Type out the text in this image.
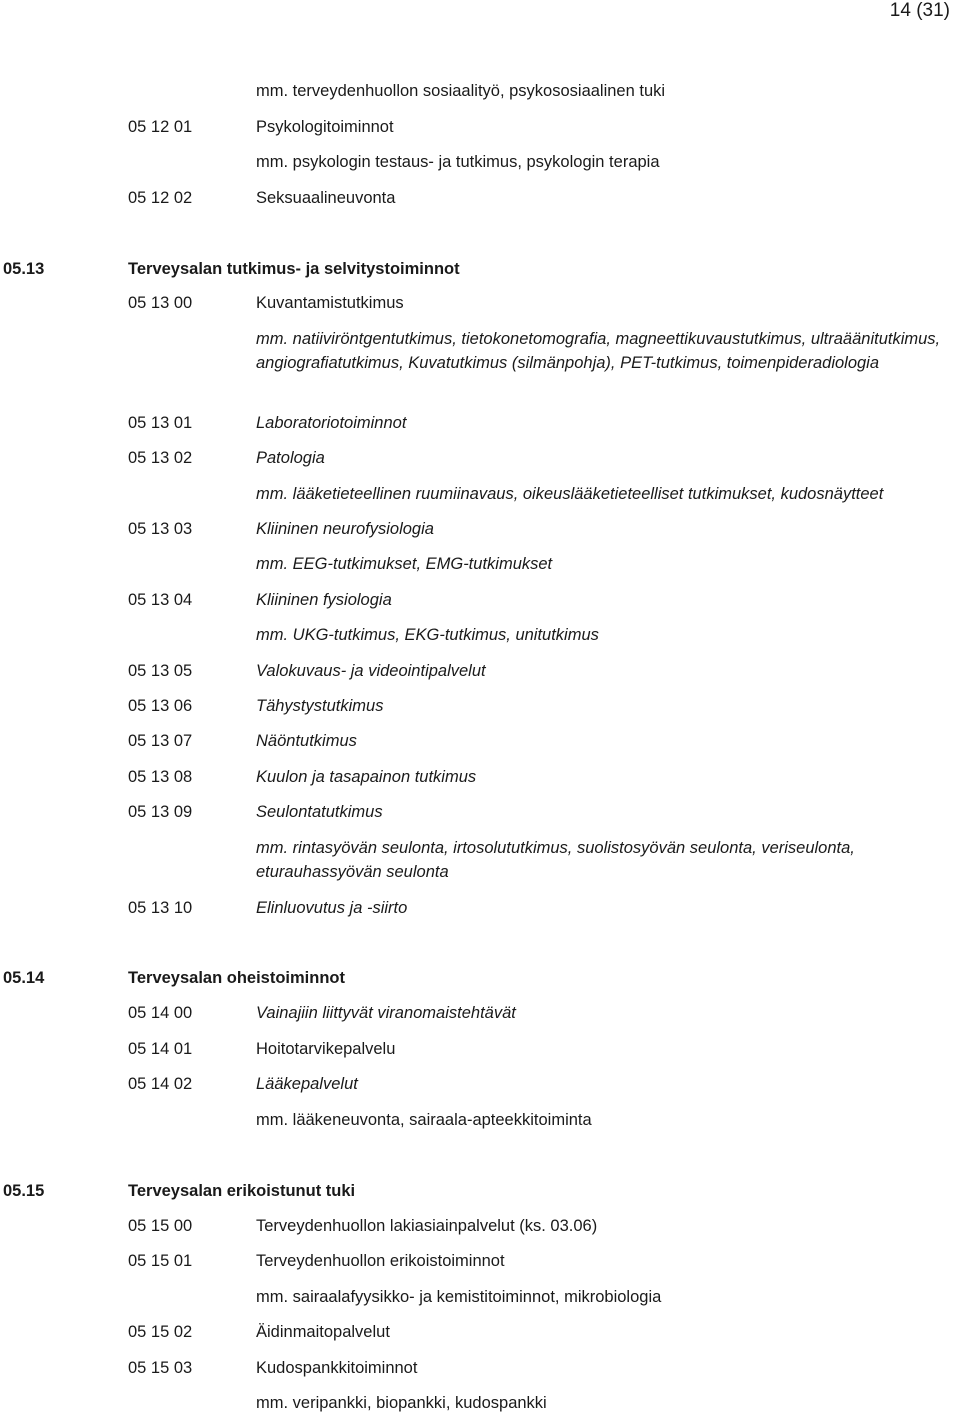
14 (31)
mm. terveydenhuollon sosiaalityö, psykososiaalinen tuki
05 12 01	Psykologitoiminnot
mm. psykologin testaus- ja tutkimus, psykologin terapia
05 12 02	Seksuaalineuvonta
05.13	Terveysalan tutkimus- ja selvitystoiminnot
05 13 00	Kuvantamistutkimus
mm. natiiviröntgentutkimus, tietokonetomografia, magneettikuvaustutkimus, ultraäänitutkimus, angiografiatutkimus, Kuvatutkimus (silmänpohja), PET-tutkimus, toimenpideradiologia
05 13 01	Laboratoriotoiminnot
05 13 02	Patologia
mm. lääketieteellinen ruumiinavaus, oikeuslääketieteelliset tutkimukset, kudosnäytteet
05 13 03	Kliininen neurofysiologia
mm. EEG-tutkimukset, EMG-tutkimukset
05 13 04	Kliininen fysiologia
mm. UKG-tutkimus, EKG-tutkimus, unitutkimus
05 13 05	Valokuvaus- ja videointipalvelut
05 13 06	Tähystystutkimus
05 13 07	Näöntutkimus
05 13 08	Kuulon ja tasapainon tutkimus
05 13 09	Seulontatutkimus
mm. rintasyövän seulonta, irtosolututkimus, suolistosyövän seulonta, veriseulonta, eturauhassyövän seulonta
05 13 10	Elinluovutus ja -siirto
05.14	Terveysalan oheistoiminnot
05 14 00	Vainajiin liittyvät viranomaistehtävät
05 14 01	Hoitotarvikepalvelu
05 14 02	Lääkepalvelut
mm. lääkeneuvonta, sairaala-apteekkitoiminta
05.15	Terveysalan erikoistunut tuki
05 15 00	Terveydenhuollon lakiasiainpalvelut (ks. 03.06)
05 15 01	Terveydenhuollon erikoistoiminnot
mm. sairaalafyysikko- ja kemistitoiminnot, mikrobiologia
05 15 02	Äidinmaitopalvelut
05 15 03	Kudospankkitoiminnot
mm. veripankki, biopankki, kudospankki
